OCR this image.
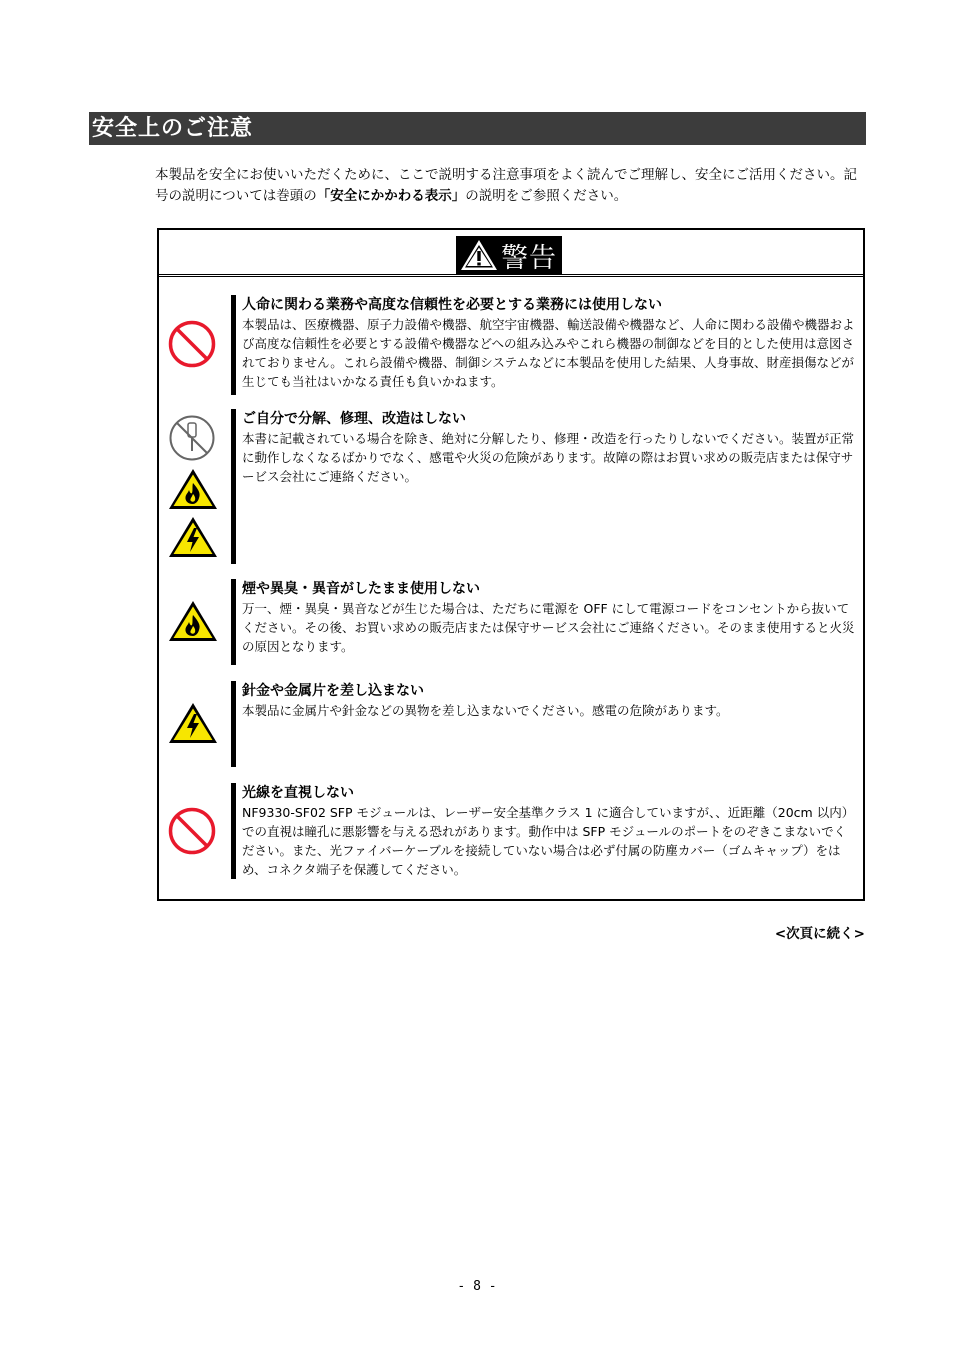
安全上のご注意
本製品を安全にお使いいただくために、ここで説明する注意事項をよく読んでご理解し、安全にご活用ください。記号の説明については巻頭の「安全にかかわる表示」の説明をご参照ください。
警告
人命に関わる業務や高度な信頼性を必要とする業務には使用しない
本製品は、医療機器、原子力設備や機器、航空宇宙機器、輸送設備や機器など、人命に関わる設備や機器および高度な信頼性を必要とする設備や機器などへの組み込みやこれら機器の制御などを目的とした使用は意図されておりません。これら設備や機器、制御システムなどに本製品を使用した結果、人身事故、財産損傷などが生じても当社はいかなる責任も負いかねます。
ご自分で分解、修理、改造はしない
本書に記載されている場合を除き、絶対に分解したり、修理・改造を行ったりしないでください。装置が正常に動作しなくなるばかりでなく、感電や火災の危険があります。故障の際はお買い求めの販売店または保守サービス会社にご連絡ください。
煙や異臭・異音がしたまま使用しない
万一、煙・異臭・異音などが生じた場合は、ただちに電源を OFF にして電源コードをコンセントから抜いてください。その後、お買い求めの販売店または保守サービス会社にご連絡ください。そのまま使用すると火災の原因となります。
針金や金属片を差し込まない
本製品に金属片や針金などの異物を差し込まないでください。感電の危険があります。
光線を直視しない
NF9330-SF02 SFP モジュールは、レーザー安全基準クラス 1 に適合していますが、、近距離（20cm 以内）での直視は瞳孔に悪影響を与える恐れがあります。動作中は SFP モジュールのポートをのぞきこまないでください。また、光ファイバーケーブルを接続していない場合は必ず付属の防塵カバー（ゴムキャップ）をはめ、コネクタ端子を保護してください。
<次頁に続く>
- 8 -
